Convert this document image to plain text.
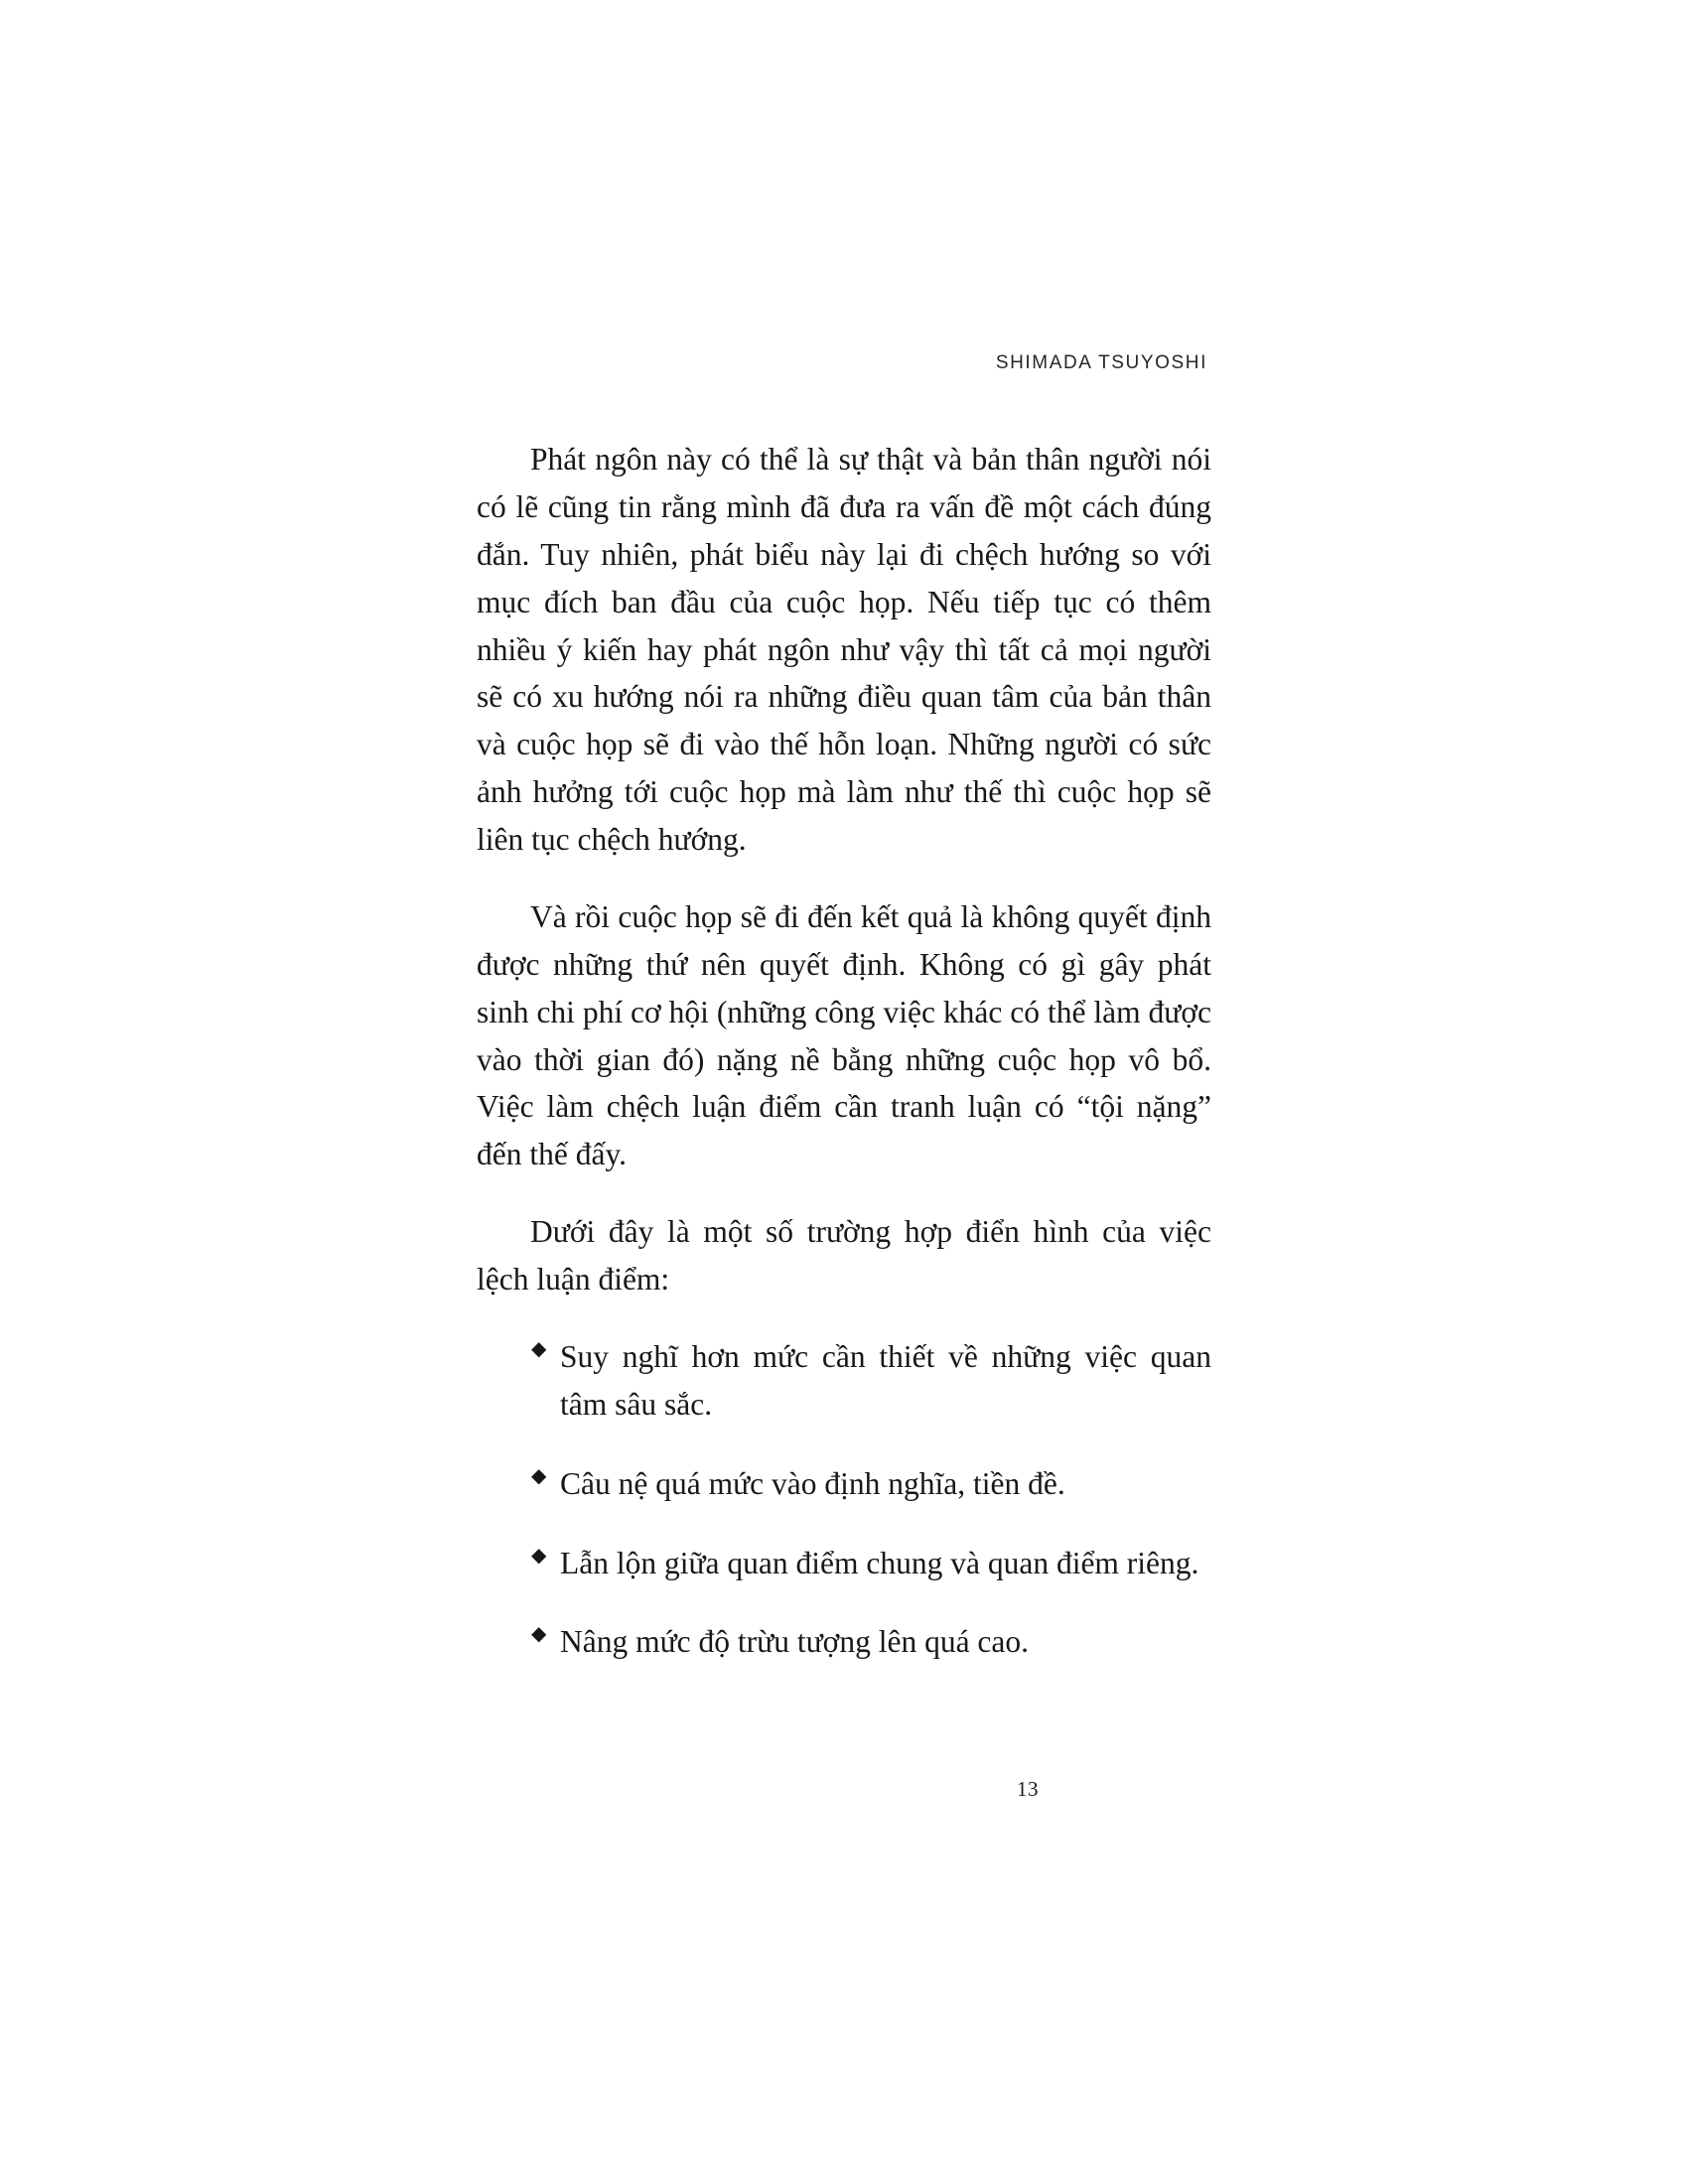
SHIMADA TSUYOSHI

Phát ngôn này có thể là sự thật và bản thân người nói có lẽ cũng tin rằng mình đã đưa ra vấn đề một cách đúng đắn. Tuy nhiên, phát biểu này lại đi chệch hướng so với mục đích ban đầu của cuộc họp. Nếu tiếp tục có thêm nhiều ý kiến hay phát ngôn như vậy thì tất cả mọi người sẽ có xu hướng nói ra những điều quan tâm của bản thân và cuộc họp sẽ đi vào thế hỗn loạn. Những người có sức ảnh hưởng tới cuộc họp mà làm như thế thì cuộc họp sẽ liên tục chệch hướng.

Và rồi cuộc họp sẽ đi đến kết quả là không quyết định được những thứ nên quyết định. Không có gì gây phát sinh chi phí cơ hội (những công việc khác có thể làm được vào thời gian đó) nặng nề bằng những cuộc họp vô bổ. Việc làm chệch luận điểm cần tranh luận có “tội nặng” đến thế đấy.

Dưới đây là một số trường hợp điển hình của việc lệch luận điểm:

◆ Suy nghĩ hơn mức cần thiết về những việc quan tâm sâu sắc.
◆ Câu nệ quá mức vào định nghĩa, tiền đề.
◆ Lẫn lộn giữa quan điểm chung và quan điểm riêng.
◆ Nâng mức độ trừu tượng lên quá cao.
13
